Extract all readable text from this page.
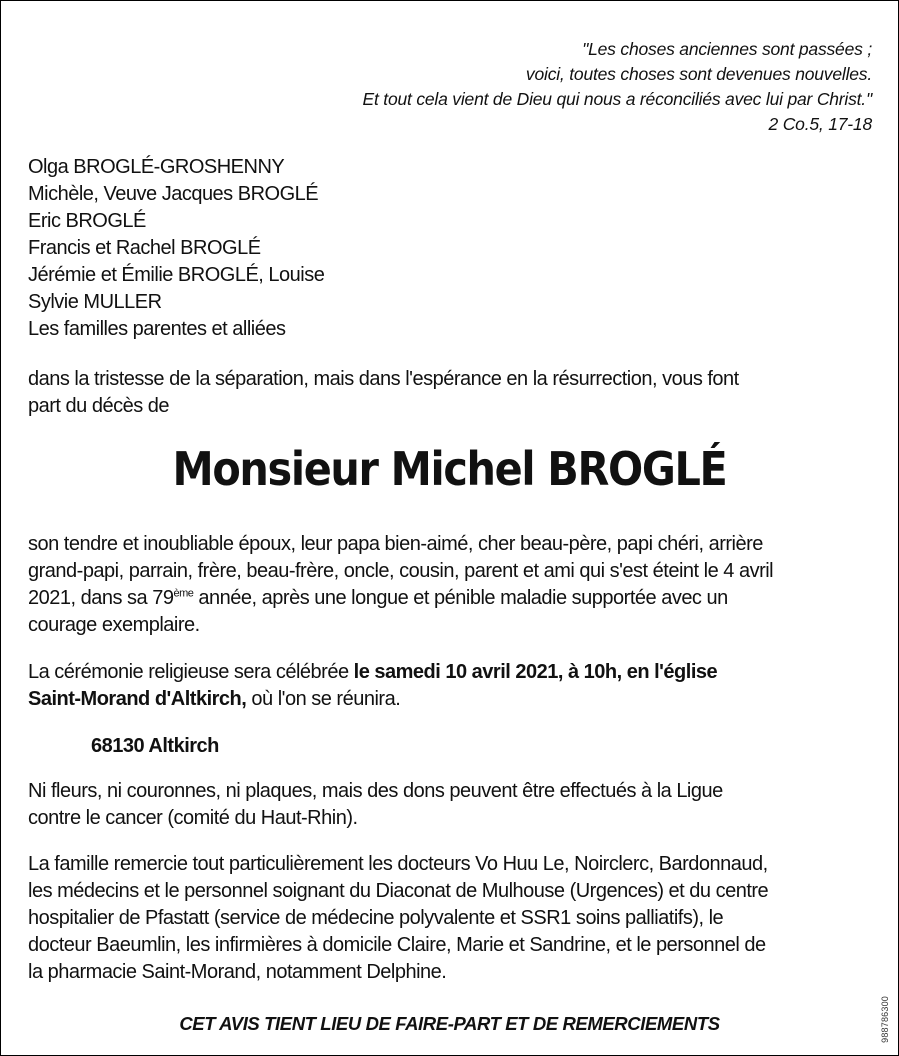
"Les choses anciennes sont passées ;
voici, toutes choses sont devenues nouvelles.
Et tout cela vient de Dieu qui nous a réconciliés avec lui par Christ."
2 Co.5, 17-18
Olga BROGLÉ-GROSHENNY
Michèle, Veuve Jacques BROGLÉ
Eric BROGLÉ
Francis et Rachel BROGLÉ
Jérémie et Émilie BROGLÉ, Louise
Sylvie MULLER
Les familles parentes et alliées
dans la tristesse de la séparation, mais dans l'espérance en la résurrection, vous font
part du décès de
Monsieur Michel BROGLÉ
son tendre et inoubliable époux, leur papa bien-aimé, cher beau-père, papi chéri, arrière
grand-papi, parrain, frère, beau-frère, oncle, cousin, parent et ami qui s'est éteint le 4 avril
2021, dans sa 79ème année, après une longue et pénible maladie supportée avec un
courage exemplaire.
La cérémonie religieuse sera célébrée le samedi 10 avril 2021, à 10h, en l'église
Saint-Morand d'Altkirch, où l'on se réunira.
68130 Altkirch
Ni fleurs, ni couronnes, ni plaques, mais des dons peuvent être effectués à la Ligue
contre le cancer (comité du Haut-Rhin).
La famille remercie tout particulièrement les docteurs Vo Huu Le, Noirclerc, Bardonnaud,
les médecins et le personnel soignant du Diaconat de Mulhouse (Urgences) et du centre
hospitalier de Pfastatt (service de médecine polyvalente et SSR1 soins palliatifs), le
docteur Baeumlin, les infirmières à domicile Claire, Marie et Sandrine, et le personnel de
la pharmacie Saint-Morand, notamment Delphine.
CET AVIS TIENT LIEU DE FAIRE-PART ET DE REMERCIEMENTS	988786300
